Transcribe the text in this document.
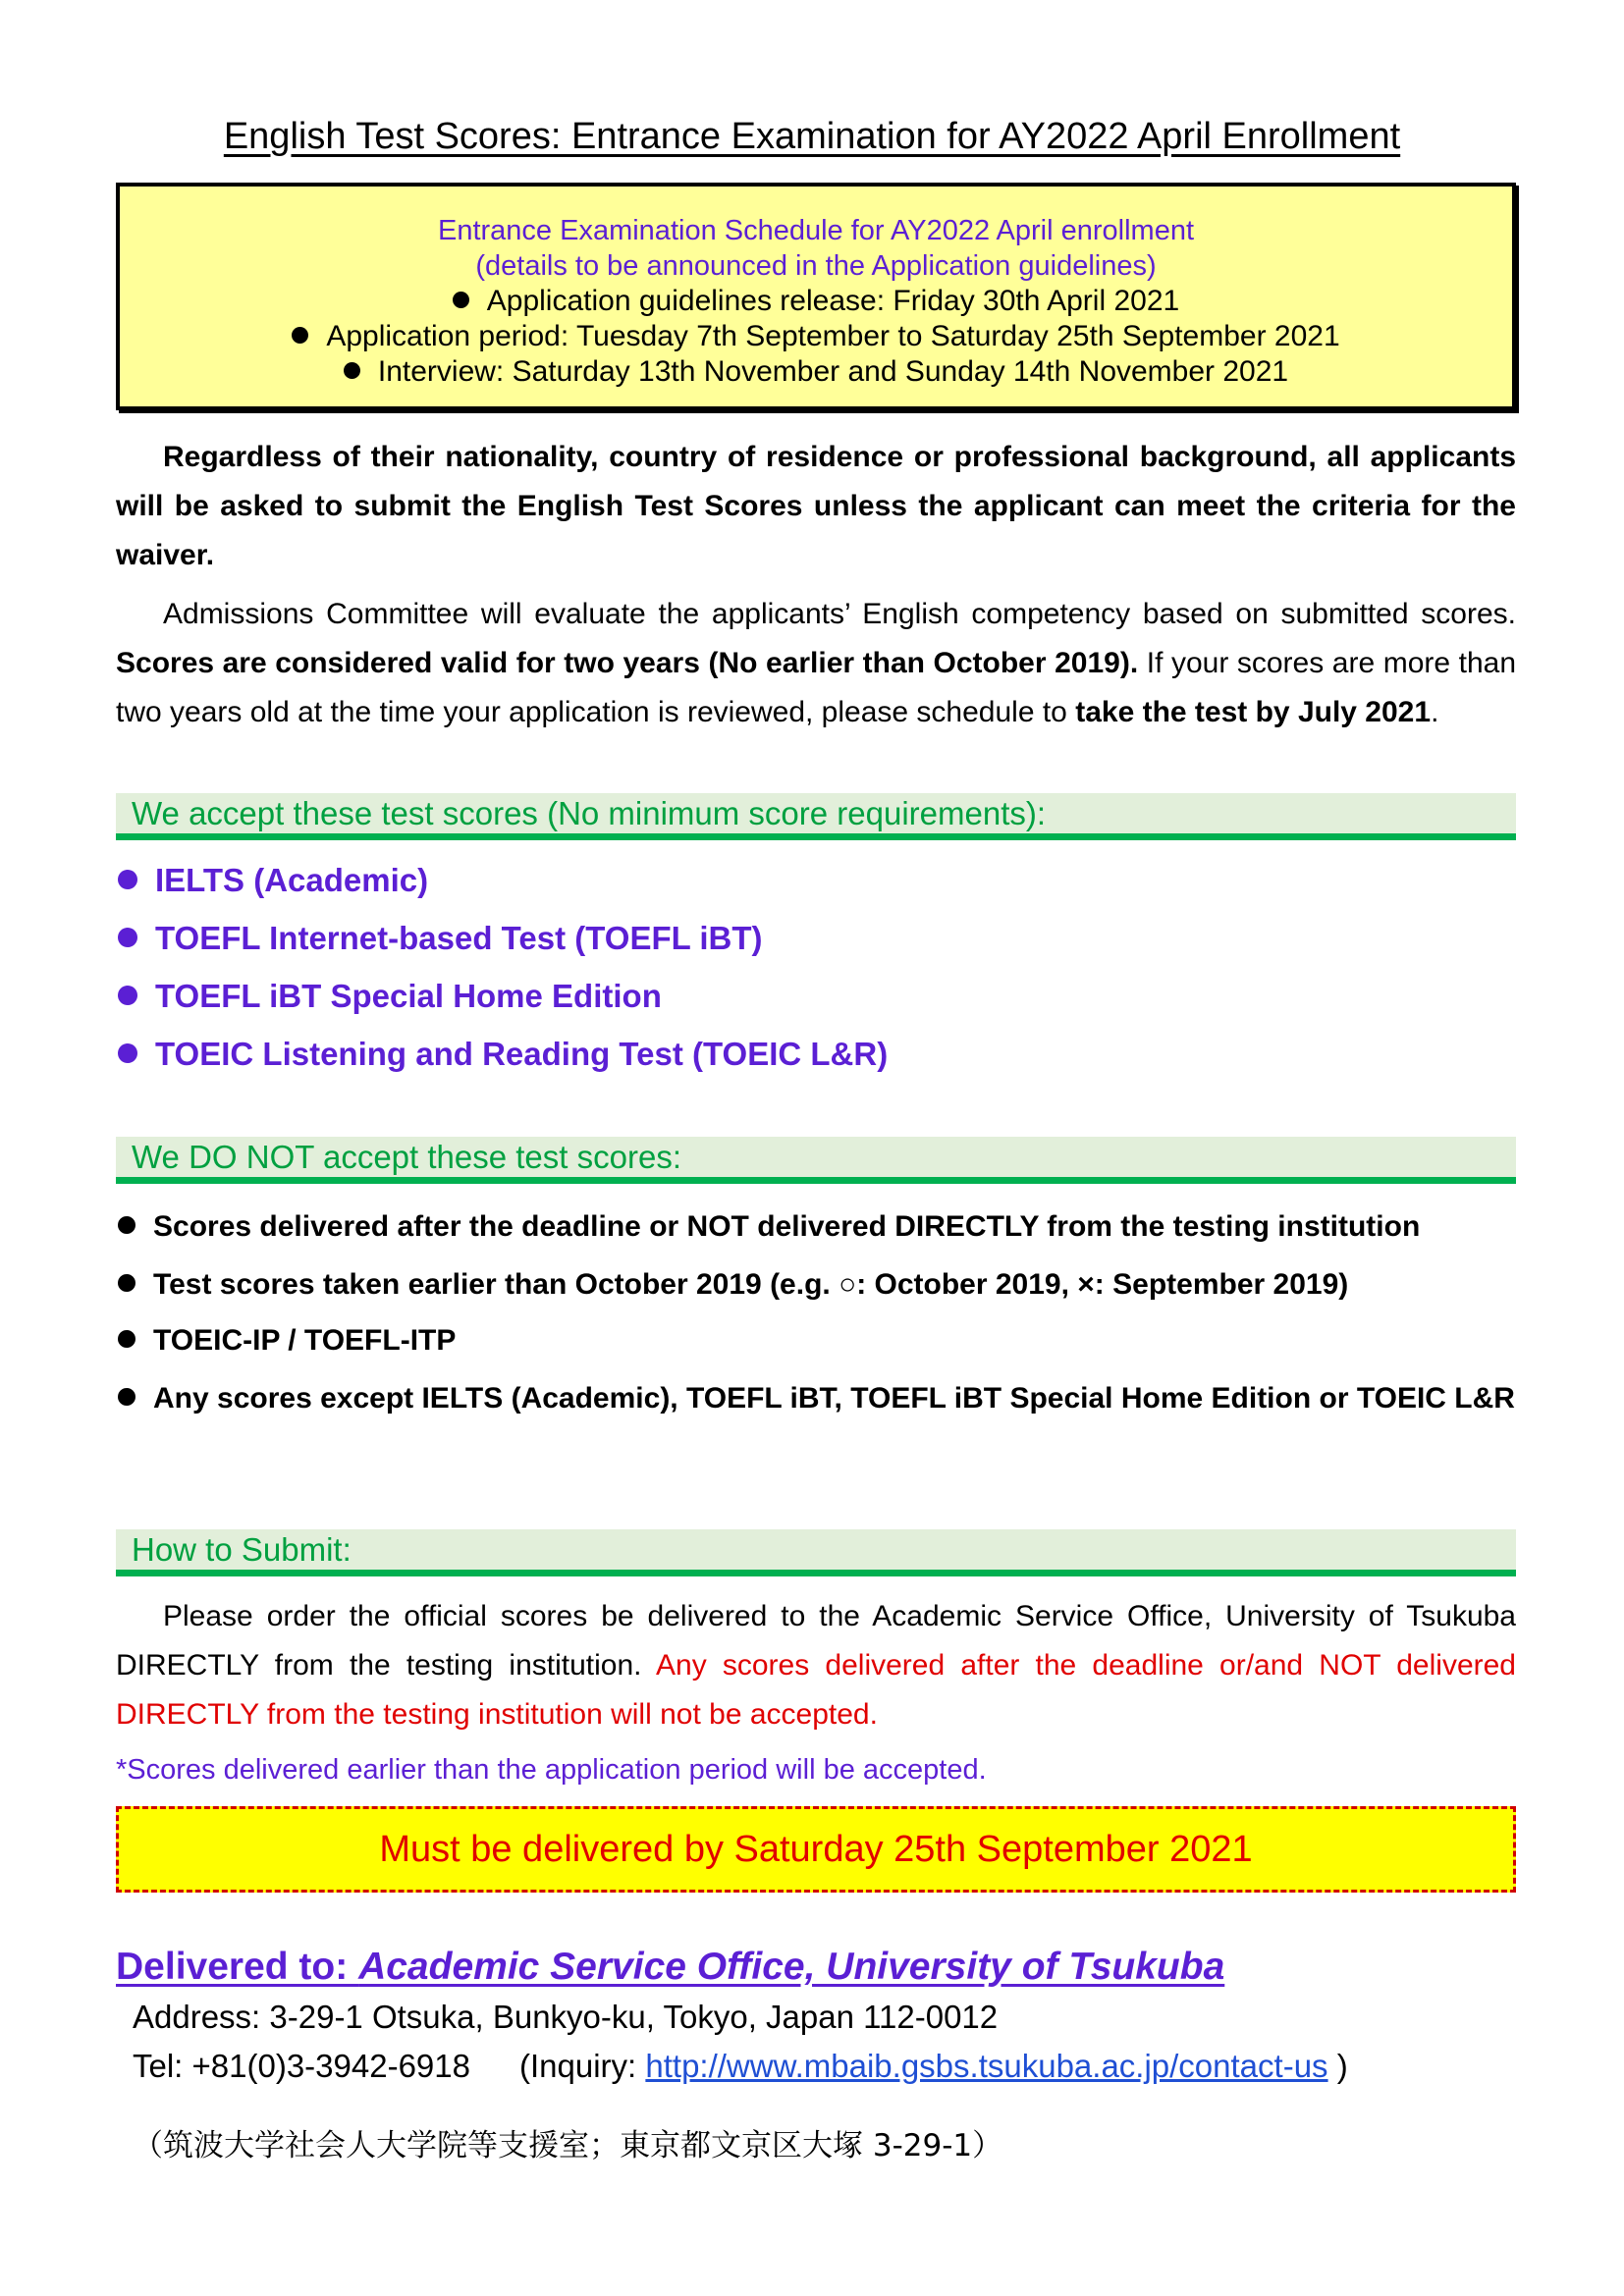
English Test Scores: Entrance Examination for AY2022 April Enrollment
Entrance Examination Schedule for AY2022 April enrollment
(details to be announced in the Application guidelines)
Application guidelines release: Friday 30th April 2021
Application period: Tuesday 7th September to Saturday 25th September 2021
Interview: Saturday 13th November and Sunday 14th November 2021
Regardless of their nationality, country of residence or professional background, all applicants will be asked to submit the English Test Scores unless the applicant can meet the criteria for the waiver.
Admissions Committee will evaluate the applicants’ English competency based on submitted scores. Scores are considered valid for two years (No earlier than October 2019). If your scores are more than two years old at the time your application is reviewed, please schedule to take the test by July 2021.
We accept these test scores (No minimum score requirements):
IELTS (Academic)
TOEFL Internet-based Test (TOEFL iBT)
TOEFL iBT Special Home Edition
TOEIC Listening and Reading Test (TOEIC L&R)
We DO NOT accept these test scores:
Scores delivered after the deadline or NOT delivered DIRECTLY from the testing institution
Test scores taken earlier than October 2019 (e.g. ○: October 2019, ×: September 2019)
TOEIC-IP / TOEFL-ITP
Any scores except IELTS (Academic), TOEFL iBT, TOEFL iBT Special Home Edition or TOEIC L&R
How to Submit:
Please order the official scores be delivered to the Academic Service Office, University of Tsukuba DIRECTLY from the testing institution. Any scores delivered after the deadline or/and NOT delivered DIRECTLY from the testing institution will not be accepted.
*Scores delivered earlier than the application period will be accepted.
Must be delivered by Saturday 25th September 2021
Delivered to: Academic Service Office, University of Tsukuba
Address: 3-29-1 Otsuka, Bunkyo-ku, Tokyo, Japan 112-0012
Tel: +81(0)3-3942-6918 (Inquiry: http://www.mbaib.gsbs.tsukuba.ac.jp/contact-us )
（筑波大学社会人大学院等支援室；東京都文京区大塚 3-29-1）
